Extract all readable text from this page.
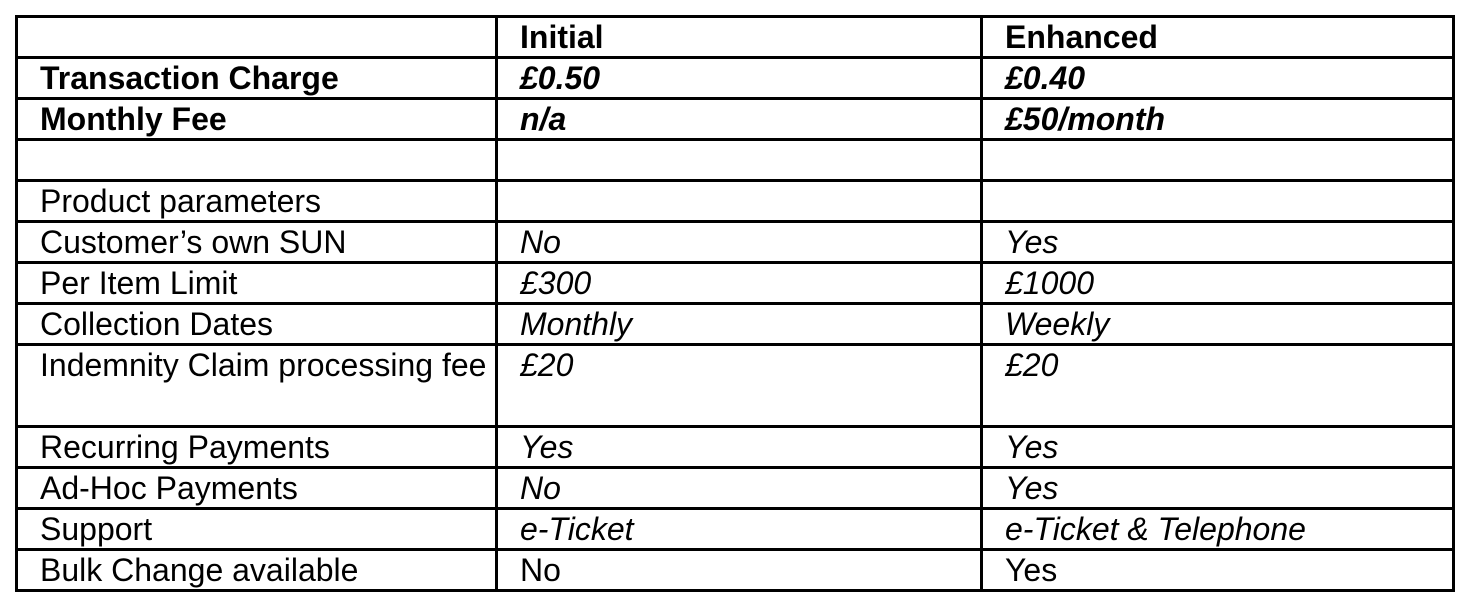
	Initial	Enhanced
Transaction Charge	£0.50	£0.40
Monthly Fee	n/a	£50/month

Product parameters		
Customer’s own SUN	No	Yes
Per Item Limit	£300	£1000
Collection Dates	Monthly	Weekly
Indemnity Claim processing fee	£20	£20
Recurring Payments	Yes	Yes
Ad-Hoc Payments	No	Yes
Support	e-Ticket	e-Ticket & Telephone
Bulk Change available	No	Yes
